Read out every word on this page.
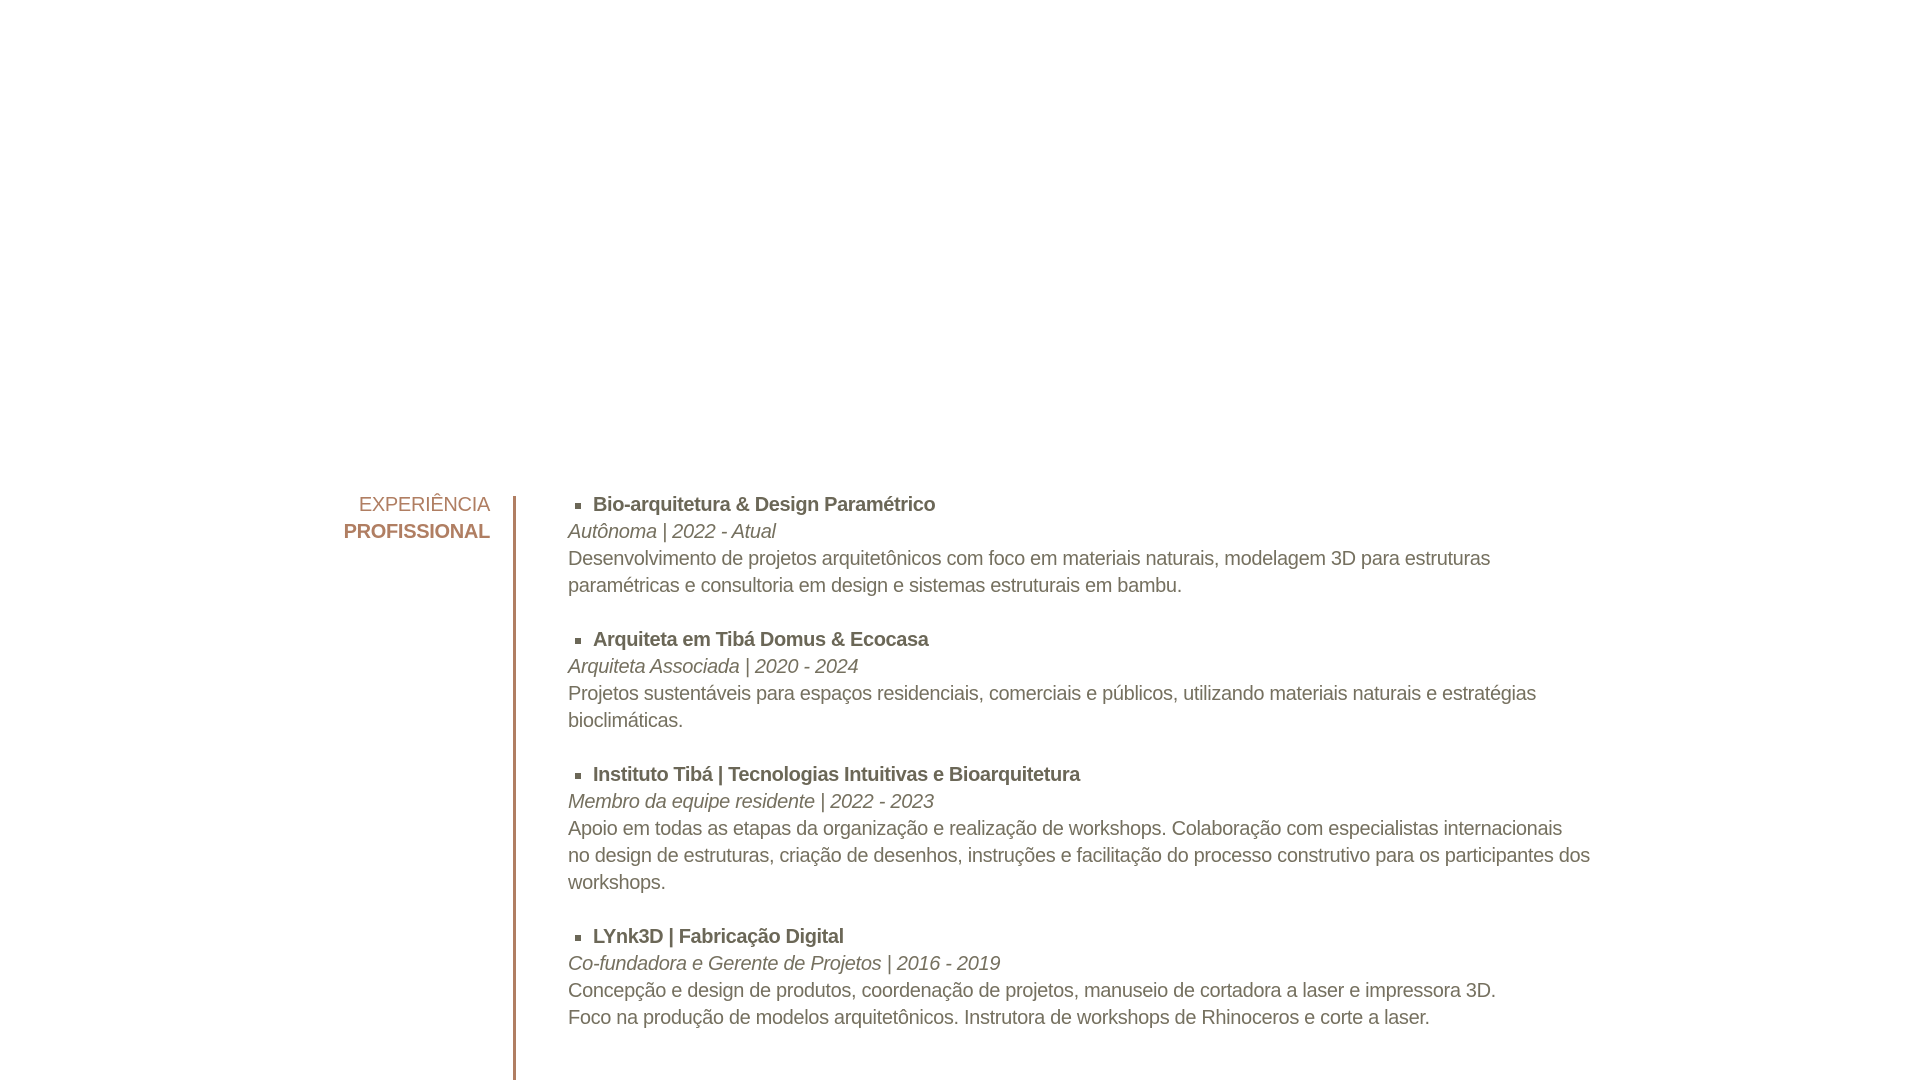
EXPERIÊNCIA
PROFISSIONAL
Bio-arquitetura & Design Paramétrico
Autônoma | 2022 - Atual
Desenvolvimento de projetos arquitetônicos com foco em materiais naturais, modelagem 3D para estruturas
paramétricas e consultoria em design e sistemas estruturais em bambu.
Arquiteta em Tibá Domus & Ecocasa
Arquiteta Associada | 2020 - 2024
Projetos sustentáveis para espaços residenciais, comerciais e públicos, utilizando materiais naturais e estratégias
bioclimáticas.
Instituto Tibá | Tecnologias Intuitivas e Bioarquitetura
Membro da equipe residente | 2022 - 2023
Apoio em todas as etapas da organização e realização de workshops. Colaboração com especialistas internacionais
no design de estruturas, criação de desenhos, instruções e facilitação do processo construtivo para os participantes dos
workshops.
LYnk3D | Fabricação Digital
Co-fundadora e Gerente de Projetos | 2016 - 2019
Concepção e design de produtos, coordenação de projetos, manuseio de cortadora a laser e impressora 3D.
Foco na produção de modelos arquitetônicos. Instrutora de workshops de Rhinoceros e corte a laser.
